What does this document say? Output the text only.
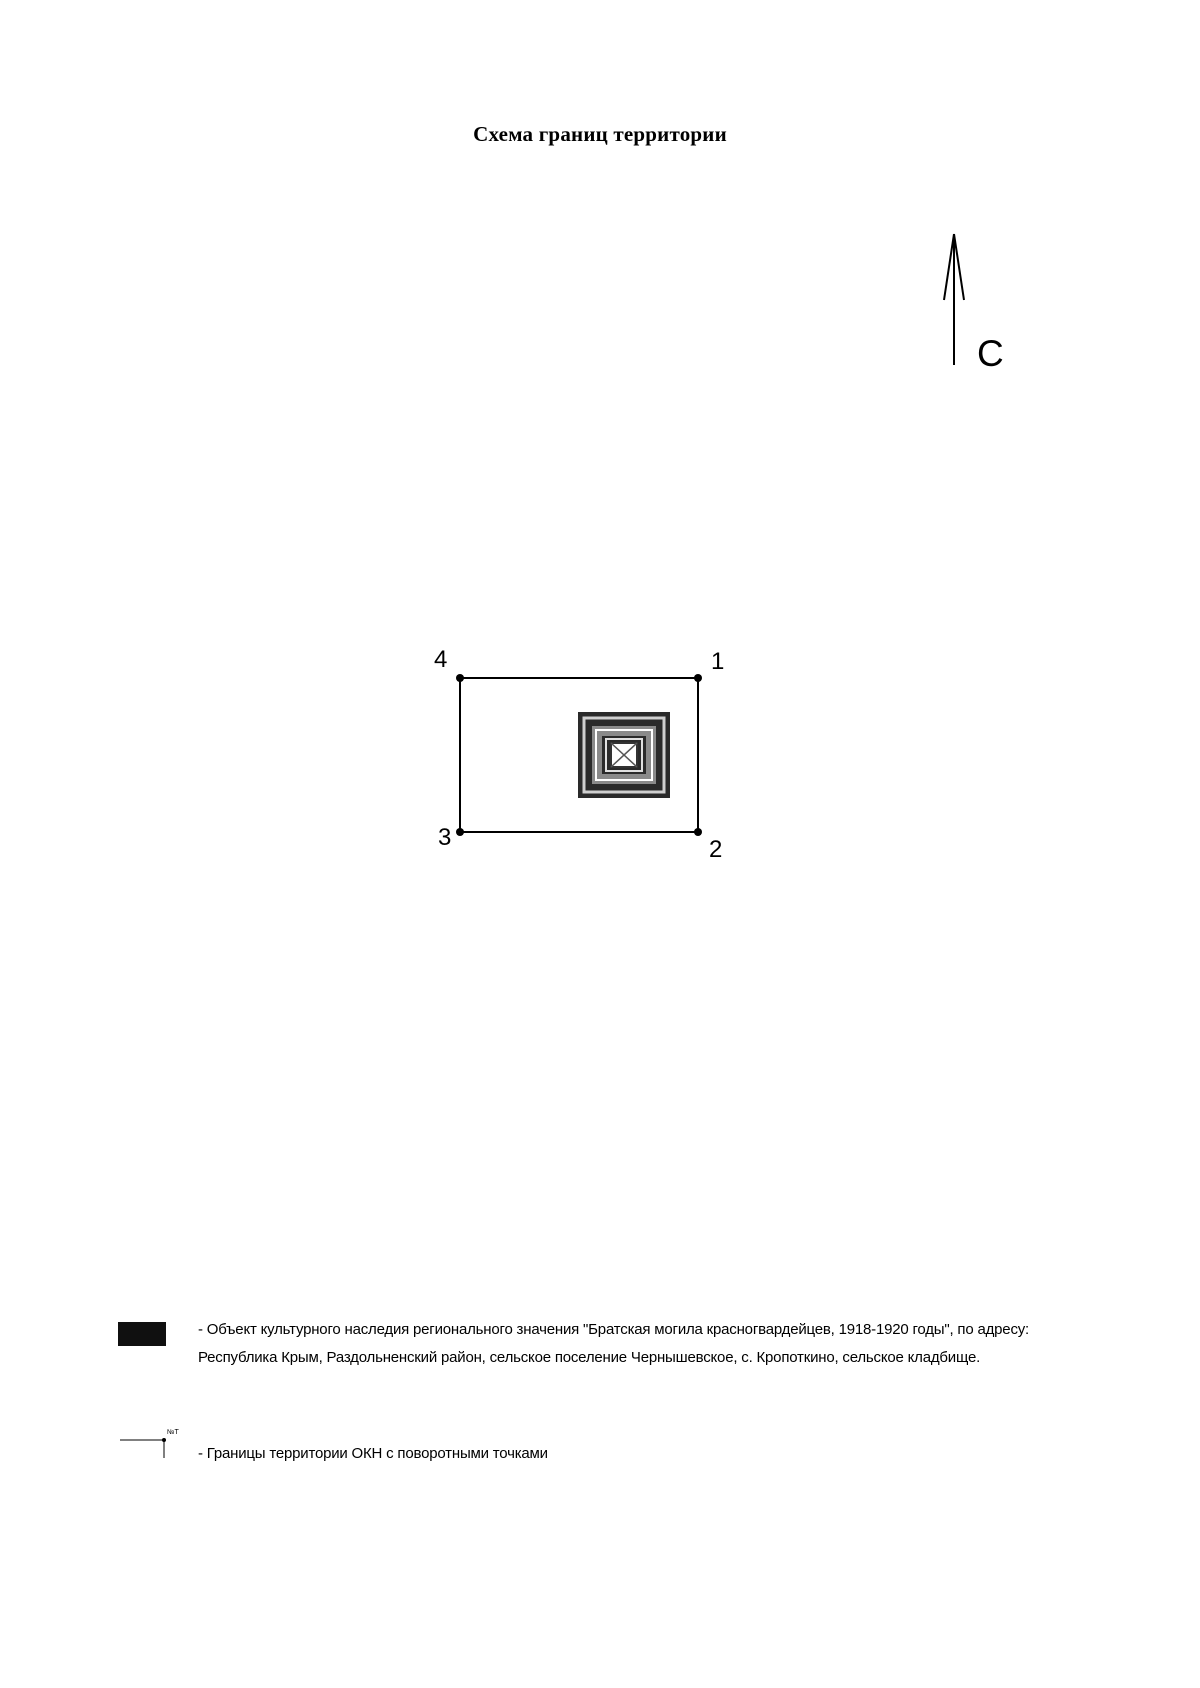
Схема границ территории
С
1
2
3
4
- Объект культурного наследия регионального значения "Братская могила красногвардейцев, 1918-1920 годы", по адресу: Республика Крым, Раздольненский район, сельское поселение Чернышевское, с. Кропоткино, сельское кладбище.
№Т
- Границы территории ОКН с поворотными точками
